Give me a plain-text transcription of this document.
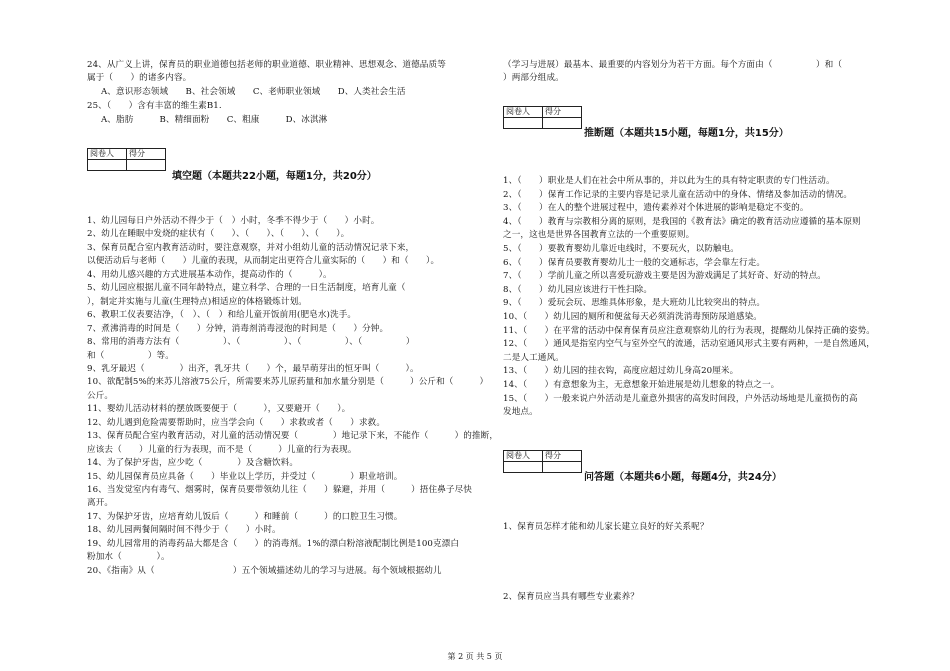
24、从广义上讲，保育员的职业道德包括老师的职业道德、职业精神、思想观念、道德品质等
属于（　　）的诸多内容。
A、意识形态领域　　B、社会领域　　C、老师职业领域　　D、人类社会生活
25、（　　）含有丰富的维生素B1.
A、脂肪　　　B、精细面粉　　C、粗康　　　D、冰淇淋
阅卷人	得分

填空题（本题共22小题，每题1分，共20分）
1、幼儿园每日户外活动不得少于（　）小时，冬季不得少于（　　）小时。
2、幼儿在睡眠中发烧的症状有（　　）、（　　）、（　　）、（　　）。
3、保育员配合室内教育活动时，要注意观察，并对小组幼儿童的活动情况记录下来，
以便活动后与老师（　　）儿童的表现，从而制定出更符合儿童实际的（　　）和（　　）。
4、用幼儿感兴趣的方式进展基本动作，提高动作的（　　　）。
5、幼儿园应根据儿童不同年龄特点，建立科学、合理的一日生活制度，培育儿童（　　
），制定并实施与儿童(生理特点)相适应的体格锻炼计划。
6、教职工仪表要洁净，（　）、（　）和给儿童开饭前用(肥皂水)洗手。
7、煮沸消毒的时间是（　　）分钟，消毒剂消毒浸泡的时间是（　　）分钟。
8、常用的消毒方法有（　　　　　）、（　　　　　）、（　　　　　）、（　　　　　）
和（　　　　　）等。
9、乳牙最迟（　　　　）出齐，乳牙共（　　）个，最早萌芽出的恒牙叫（　　　）。
10、欲配制5%的来苏儿溶液75公斤，所需要来苏儿原药量和加水量分别是（　　　）公斤和（　　　）
公斤。
11、婴幼儿活动材料的摆放既要便于（　　　），又要避开（　　）。
12、幼儿遇到危险需要帮助时，应当学会向（　　）求救或者（　　）求救。
13、保育员配合室内教育活动，对儿童的活动情况要（　　　　）地记录下来，不能作（　　　）的推断，
应该去（　　）儿童的行为表现，而不是（　　　）儿童的行为表现。
14、为了保护牙齿，应少吃（　　　　）及含糖饮料。
15、幼儿园保育员应具备（　　）毕业以上学历，并受过（　　　　）职业培训。
16、当发觉室内有毒气、烟雾时，保育员要带领幼儿往（　　）躲避，并用（　　　）捂住鼻子尽快
离开。
17、为保护牙齿，应培育幼儿饭后（　　　）和睡前（　　　）的口腔卫生习惯。
18、幼儿园两餐间隔时间不得少于（　　）小时。
19、幼儿园常用的消毒药品大都是含（　　）的消毒剂。1%的漂白粉溶液配制比例是100克漂白
粉加水（　　　　）。
20、《指南》从（　　　　　　　　　）五个领域描述幼儿的学习与进展。每个领域根据幼儿
（学习与进展）最基本、最重要的内容划分为若干方面。每个方面由（　　　　　）和（
）两部分组成。
阅卷人	得分

推断题（本题共15小题，每题1分，共15分）
1、（　　）职业是人们在社会中所从事的，并以此为生的具有特定职责的专门性活动。
2、（　　）保育工作记录的主要内容是记录儿童在活动中的身体、情绪及参加活动的情况。
3、（　　）在人的整个进展过程中，遗传素养对个体进展的影响是稳定不变的。
4、（　　）教育与宗教相分离的原则，是我国的《教育法》确定的教育活动应遵循的基本原则
之一，这也是世界各国教育立法的一个重要原则。
5、（　　）要教育婴幼儿靠近电线时，不要玩火，以防触电。
6、（　　）保育员要教育婴幼儿士一般的交通标志，学会靠左行走。
7、（　　）学前儿童之所以喜爱玩游戏主要是因为游戏满足了其好奇、好动的特点。
8、（　　）幼儿园应该进行干性扫除。
9、（　　）爱玩会玩、思维具体形象，是大班幼儿比较突出的特点。
10、（　　）幼儿园的厕所和便盆每天必须消洗消毒预防尿道感染。
11、（　　）在平常的活动中保育保育员应注意观察幼儿的行为表现，提醒幼儿保持正确的姿势。
12、（　　）通风是指室内空气与室外空气的流通，活动室通风形式主要有两种，一是自然通风，
二是人工通风。
13、（　　）幼儿园的挂衣钩，高度应超过幼儿身高20厘米。
14、（　　）有意想象为主，无意想象开始进展是幼儿想象的特点之一。
15、（　　）一般来说户外活动是儿童意外损害的高发时间段，户外活动场地是儿童损伤的高
发地点。
阅卷人	得分

问答题（本题共6小题，每题4分，共24分）
1、保育员怎样才能和幼儿家长建立良好的好关系呢？
2、保育员应当具有哪些专业素养？
第 2 页 共 5 页
